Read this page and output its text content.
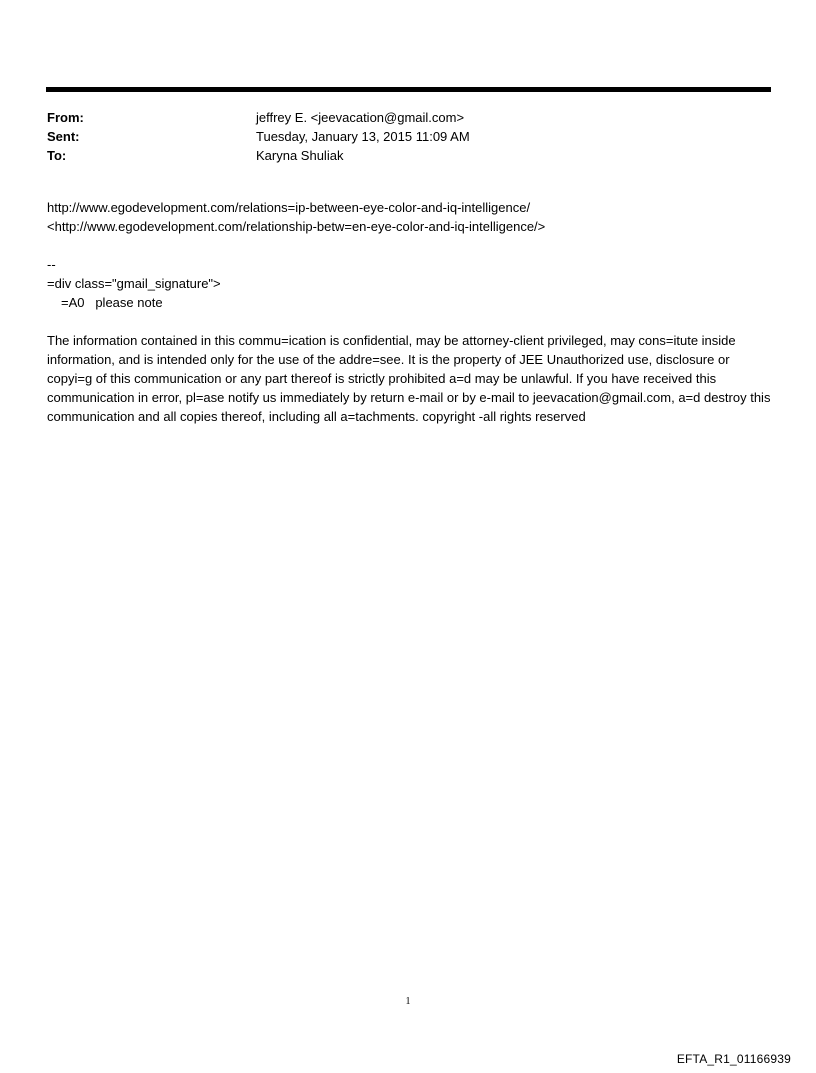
From:	jeffrey E. <jeevacation@gmail.com>
Sent:	Tuesday, January 13, 2015 11:09 AM
To:	Karyna Shuliak

http://www.egodevelopment.com/relations=ip-between-eye-color-and-iq-intelligence/

<http://www.egodevelopment.com/relationship-betw=en-eye-color-and-iq-intelligence/>

--

=div class="gmail_signature">

=A0   please note

The information contained in this commu=ication is confidential, may be attorney-client privileged, may cons=itute inside information, and is intended only for the use of the addre=see. It is the property of JEE Unauthorized use, disclosure or copyi=g of this communication or any part thereof is strictly prohibited a=d may be unlawful. If you have received this communication in error, pl=ase notify us immediately by return e-mail or by e-mail to jeevacation@gmail.com, a=d destroy this communication and all copies thereof, including all a=tachments. copyright -all rights reserved

1
EFTA_R1_01166939
